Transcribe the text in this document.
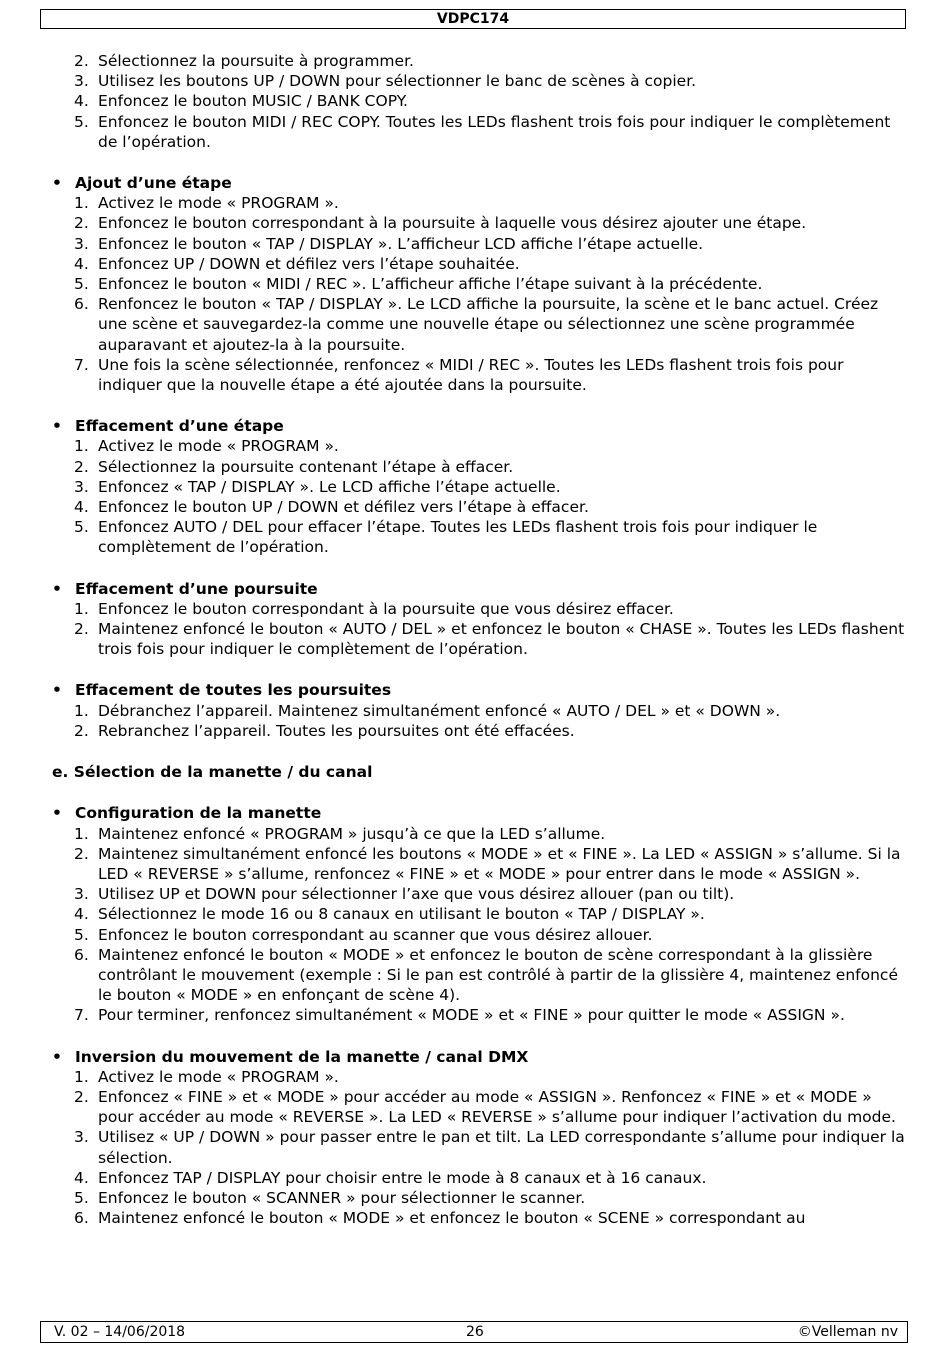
VDPC174
2. Sélectionnez la poursuite à programmer.
3. Utilisez les boutons UP / DOWN pour sélectionner le banc de scènes à copier.
4. Enfoncez le bouton MUSIC / BANK COPY.
5. Enfoncez le bouton MIDI / REC COPY. Toutes les LEDs flashent trois fois pour indiquer le complètement de l’opération.
• Ajout d’une étape
1. Activez le mode « PROGRAM ».
2. Enfoncez le bouton correspondant à la poursuite à laquelle vous désirez ajouter une étape.
3. Enfoncez le bouton « TAP / DISPLAY ». L’afficheur LCD affiche l’étape actuelle.
4. Enfoncez UP / DOWN et défilez vers l’étape souhaitée.
5. Enfoncez le bouton « MIDI / REC ». L’afficheur affiche l’étape suivant à la précédente.
6. Renfoncez le bouton « TAP / DISPLAY ». Le LCD affiche la poursuite, la scène et le banc actuel. Créez une scène et sauvegardez-la comme une nouvelle étape ou sélectionnez une scène programmée auparavant et ajoutez-la à la poursuite.
7. Une fois la scène sélectionnée, renfoncez « MIDI / REC ». Toutes les LEDs flashent trois fois pour indiquer que la nouvelle étape a été ajoutée dans la poursuite.
• Effacement d’une étape
1. Activez le mode « PROGRAM ».
2. Sélectionnez la poursuite contenant l’étape à effacer.
3. Enfoncez « TAP / DISPLAY ». Le LCD affiche l’étape actuelle.
4. Enfoncez le bouton UP / DOWN et défilez vers l’étape à effacer.
5. Enfoncez AUTO / DEL pour effacer l’étape. Toutes les LEDs flashent trois fois pour indiquer le complètement de l’opération.
• Effacement d’une poursuite
1. Enfoncez le bouton correspondant à la poursuite que vous désirez effacer.
2. Maintenez enfoncé le bouton « AUTO / DEL » et enfoncez le bouton « CHASE ». Toutes les LEDs flashent trois fois pour indiquer le complètement de l’opération.
• Effacement de toutes les poursuites
1. Débranchez l’appareil. Maintenez simultanément enfoncé « AUTO / DEL » et « DOWN ».
2. Rebranchez l’appareil. Toutes les poursuites ont été effacées.
e. Sélection de la manette / du canal
• Configuration de la manette
1. Maintenez enfoncé « PROGRAM » jusqu’à ce que la LED s’allume.
2. Maintenez simultanément enfoncé les boutons « MODE » et « FINE ». La LED « ASSIGN » s’allume. Si la LED « REVERSE » s’allume, renfoncez « FINE » et « MODE » pour entrer dans le mode « ASSIGN ».
3. Utilisez UP et DOWN pour sélectionner l’axe que vous désirez allouer (pan ou tilt).
4. Sélectionnez le mode 16 ou 8 canaux en utilisant le bouton « TAP / DISPLAY ».
5. Enfoncez le bouton correspondant au scanner que vous désirez allouer.
6. Maintenez enfoncé le bouton « MODE » et enfoncez le bouton de scène correspondant à la glissière contrôlant le mouvement (exemple : Si le pan est contrôlé à partir de la glissière 4, maintenez enfoncé le bouton « MODE » en enfonçant de scène 4).
7. Pour terminer, renfoncez simultanément « MODE » et « FINE » pour quitter le mode « ASSIGN ».
• Inversion du mouvement de la manette / canal DMX
1. Activez le mode « PROGRAM ».
2. Enfoncez « FINE » et « MODE » pour accéder au mode « ASSIGN ». Renfoncez « FINE » et « MODE » pour accéder au mode « REVERSE ». La LED « REVERSE » s’allume pour indiquer l’activation du mode.
3. Utilisez « UP / DOWN » pour passer entre le pan et tilt. La LED correspondante s’allume pour indiquer la sélection.
4. Enfoncez TAP / DISPLAY pour choisir entre le mode à 8 canaux et à 16 canaux.
5. Enfoncez le bouton « SCANNER » pour sélectionner le scanner.
6. Maintenez enfoncé le bouton « MODE » et enfoncez le bouton « SCENE » correspondant au
V. 02 – 14/06/2018	26	©Velleman nv
